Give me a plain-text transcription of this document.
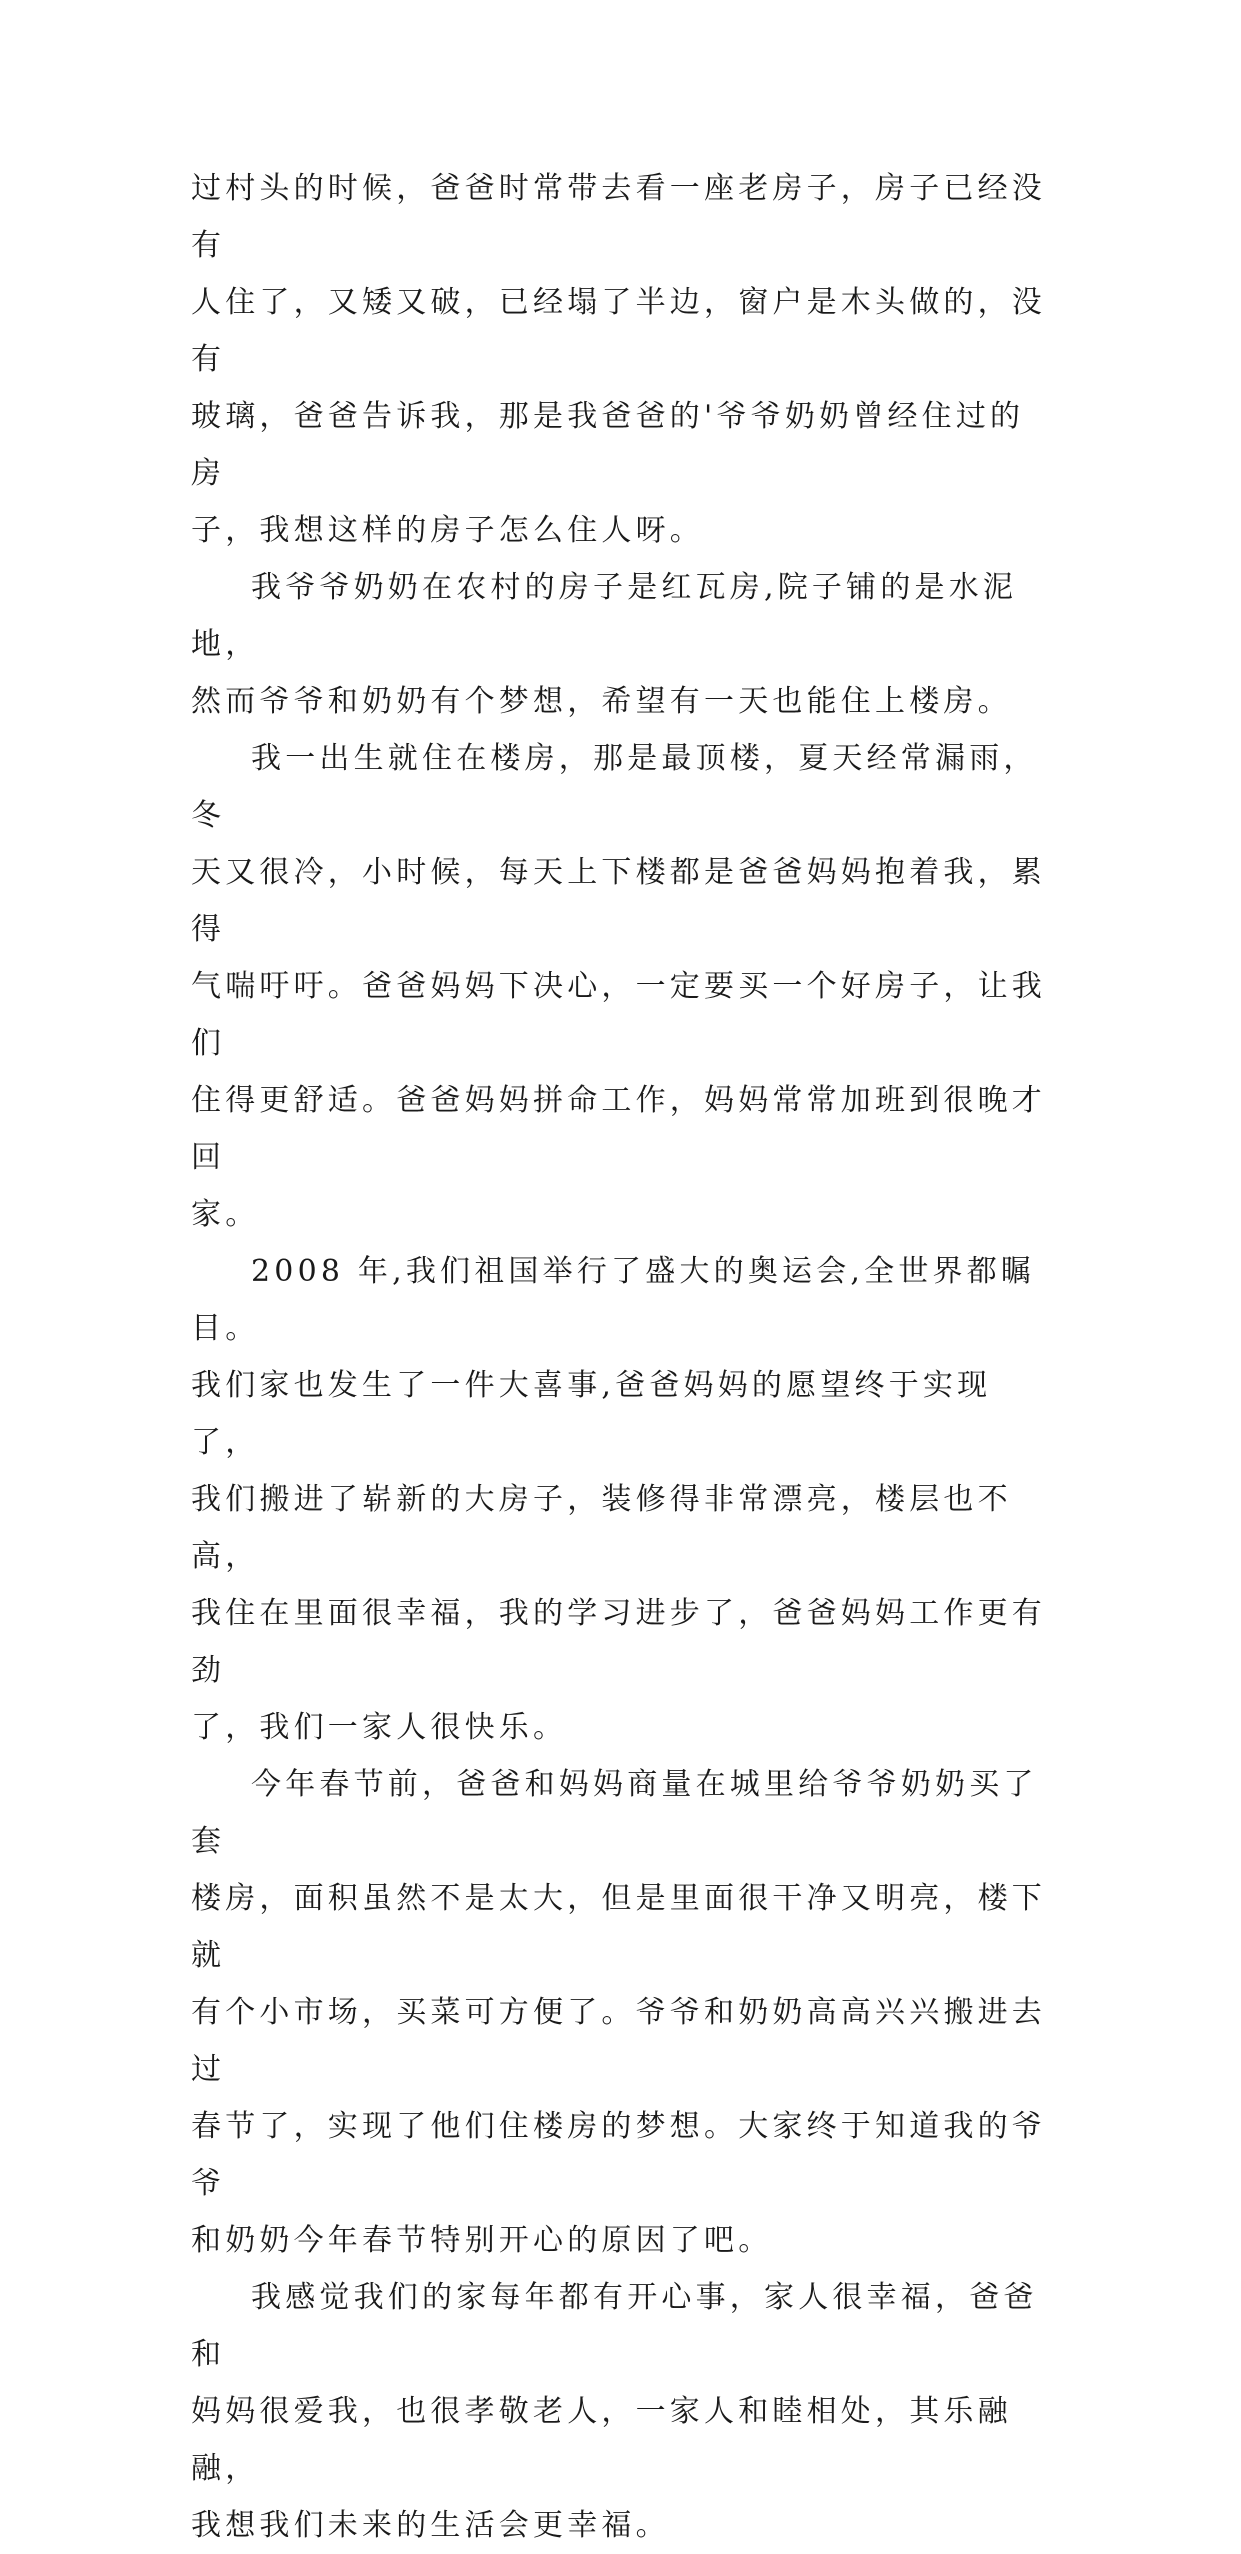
过村头的时候，爸爸时常带去看一座老房子，房子已经没有
人住了，又矮又破，已经塌了半边，窗户是木头做的，没有
玻璃，爸爸告诉我，那是我爸爸的'爷爷奶奶曾经住过的房
子，我想这样的房子怎么住人呀。

我爷爷奶奶在农村的房子是红瓦房,院子铺的是水泥地，
然而爷爷和奶奶有个梦想，希望有一天也能住上楼房。

我一出生就住在楼房，那是最顶楼，夏天经常漏雨，冬
天又很冷，小时候，每天上下楼都是爸爸妈妈抱着我，累得
气喘吁吁。爸爸妈妈下决心，一定要买一个好房子，让我们
住得更舒适。爸爸妈妈拼命工作，妈妈常常加班到很晚才回
家。

2008 年,我们祖国举行了盛大的奥运会,全世界都瞩目。
我们家也发生了一件大喜事,爸爸妈妈的愿望终于实现了，
我们搬进了崭新的大房子，装修得非常漂亮，楼层也不高，
我住在里面很幸福，我的学习进步了，爸爸妈妈工作更有劲
了，我们一家人很快乐。

今年春节前，爸爸和妈妈商量在城里给爷爷奶奶买了套
楼房，面积虽然不是太大，但是里面很干净又明亮，楼下就
有个小市场，买菜可方便了。爷爷和奶奶高高兴兴搬进去过
春节了，实现了他们住楼房的梦想。大家终于知道我的爷爷
和奶奶今年春节特别开心的原因了吧。

我感觉我们的家每年都有开心事，家人很幸福，爸爸和
妈妈很爱我，也很孝敬老人，一家人和睦相处，其乐融融，
我想我们未来的生活会更幸福。
